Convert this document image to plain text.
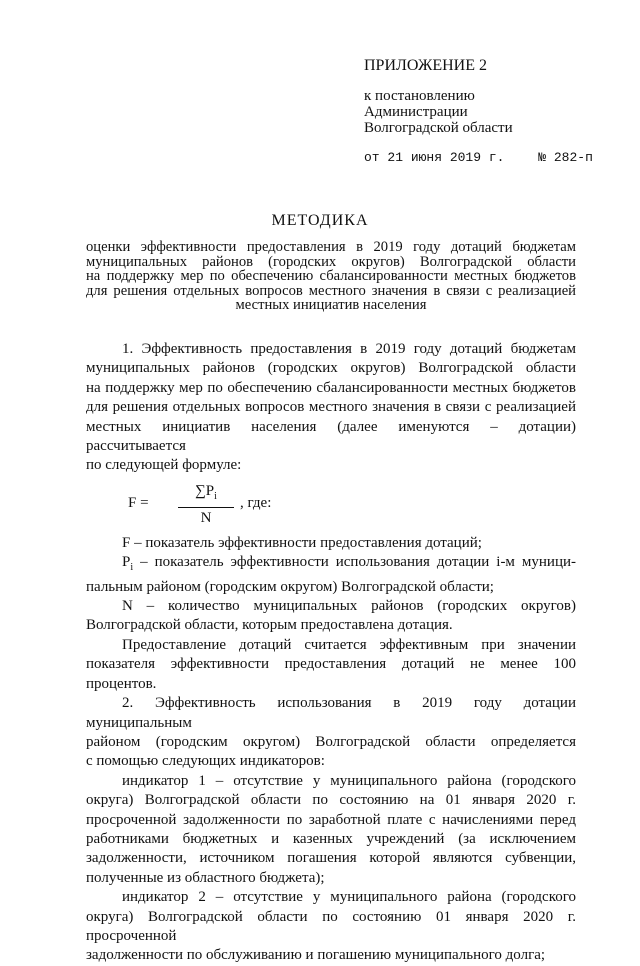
ПРИЛОЖЕНИЕ 2
к постановлению
Администрации
Волгоградской области
от 21 июня 2019 г.	№ 282-п
МЕТОДИКА
оценки эффективности предоставления в 2019 году дотаций бюджетам
муниципальных районов (городских округов) Волгоградской области
на поддержку мер по обеспечению сбалансированности местных бюджетов
для решения отдельных вопросов местного значения в связи с реализацией
местных инициатив населения

1. Эффективность предоставления в 2019 году дотаций бюджетам

муниципальных районов (городских округов) Волгоградской области

на поддержку мер по обеспечению сбалансированности местных бюджетов

для решения отдельных вопросов местного значения в связи с реализацией

местных инициатив населения (далее именуются – дотации) рассчитывается

по следующей формуле:

$F = \frac{\sum P_i}{N}$ , где:

F – показатель эффективности предоставления дотаций;

$P_i$ – показатель эффективности использования дотации i-м муници-

пальным районом (городским округом) Волгоградской области;

N – количество муниципальных районов (городских округов)

Волгоградской области, которым предоставлена дотация.

Предоставление дотаций считается эффективным при значении

показателя эффективности предоставления дотаций не менее 100 процентов.

2. Эффективность использования в 2019 году дотации муниципальным

районом (городским округом) Волгоградской области определяется

с помощью следующих индикаторов:

индикатор 1 – отсутствие у муниципального района (городского

округа) Волгоградской области по состоянию на 01 января 2020 г.

просроченной задолженности по заработной плате с начислениями перед

работниками бюджетных и казенных учреждений (за исключением

задолженности, источником погашения которой являются субвенции,

полученные из областного бюджета);

индикатор 2 – отсутствие у муниципального района (городского

округа) Волгоградской области по состоянию 01 января 2020 г. просроченной

задолженности по обслуживанию и погашению муниципального долга;
